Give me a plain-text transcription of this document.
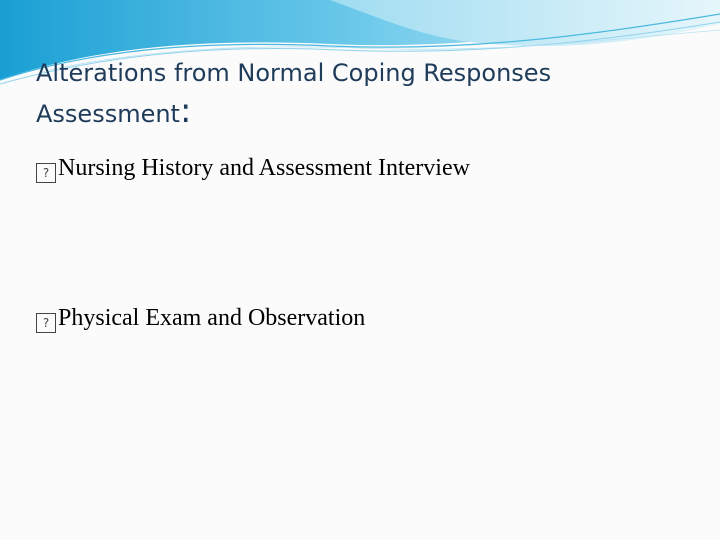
Alterations from Normal Coping Responses
Assessment:

? Nursing History and Assessment Interview

? Physical Exam and Observation
